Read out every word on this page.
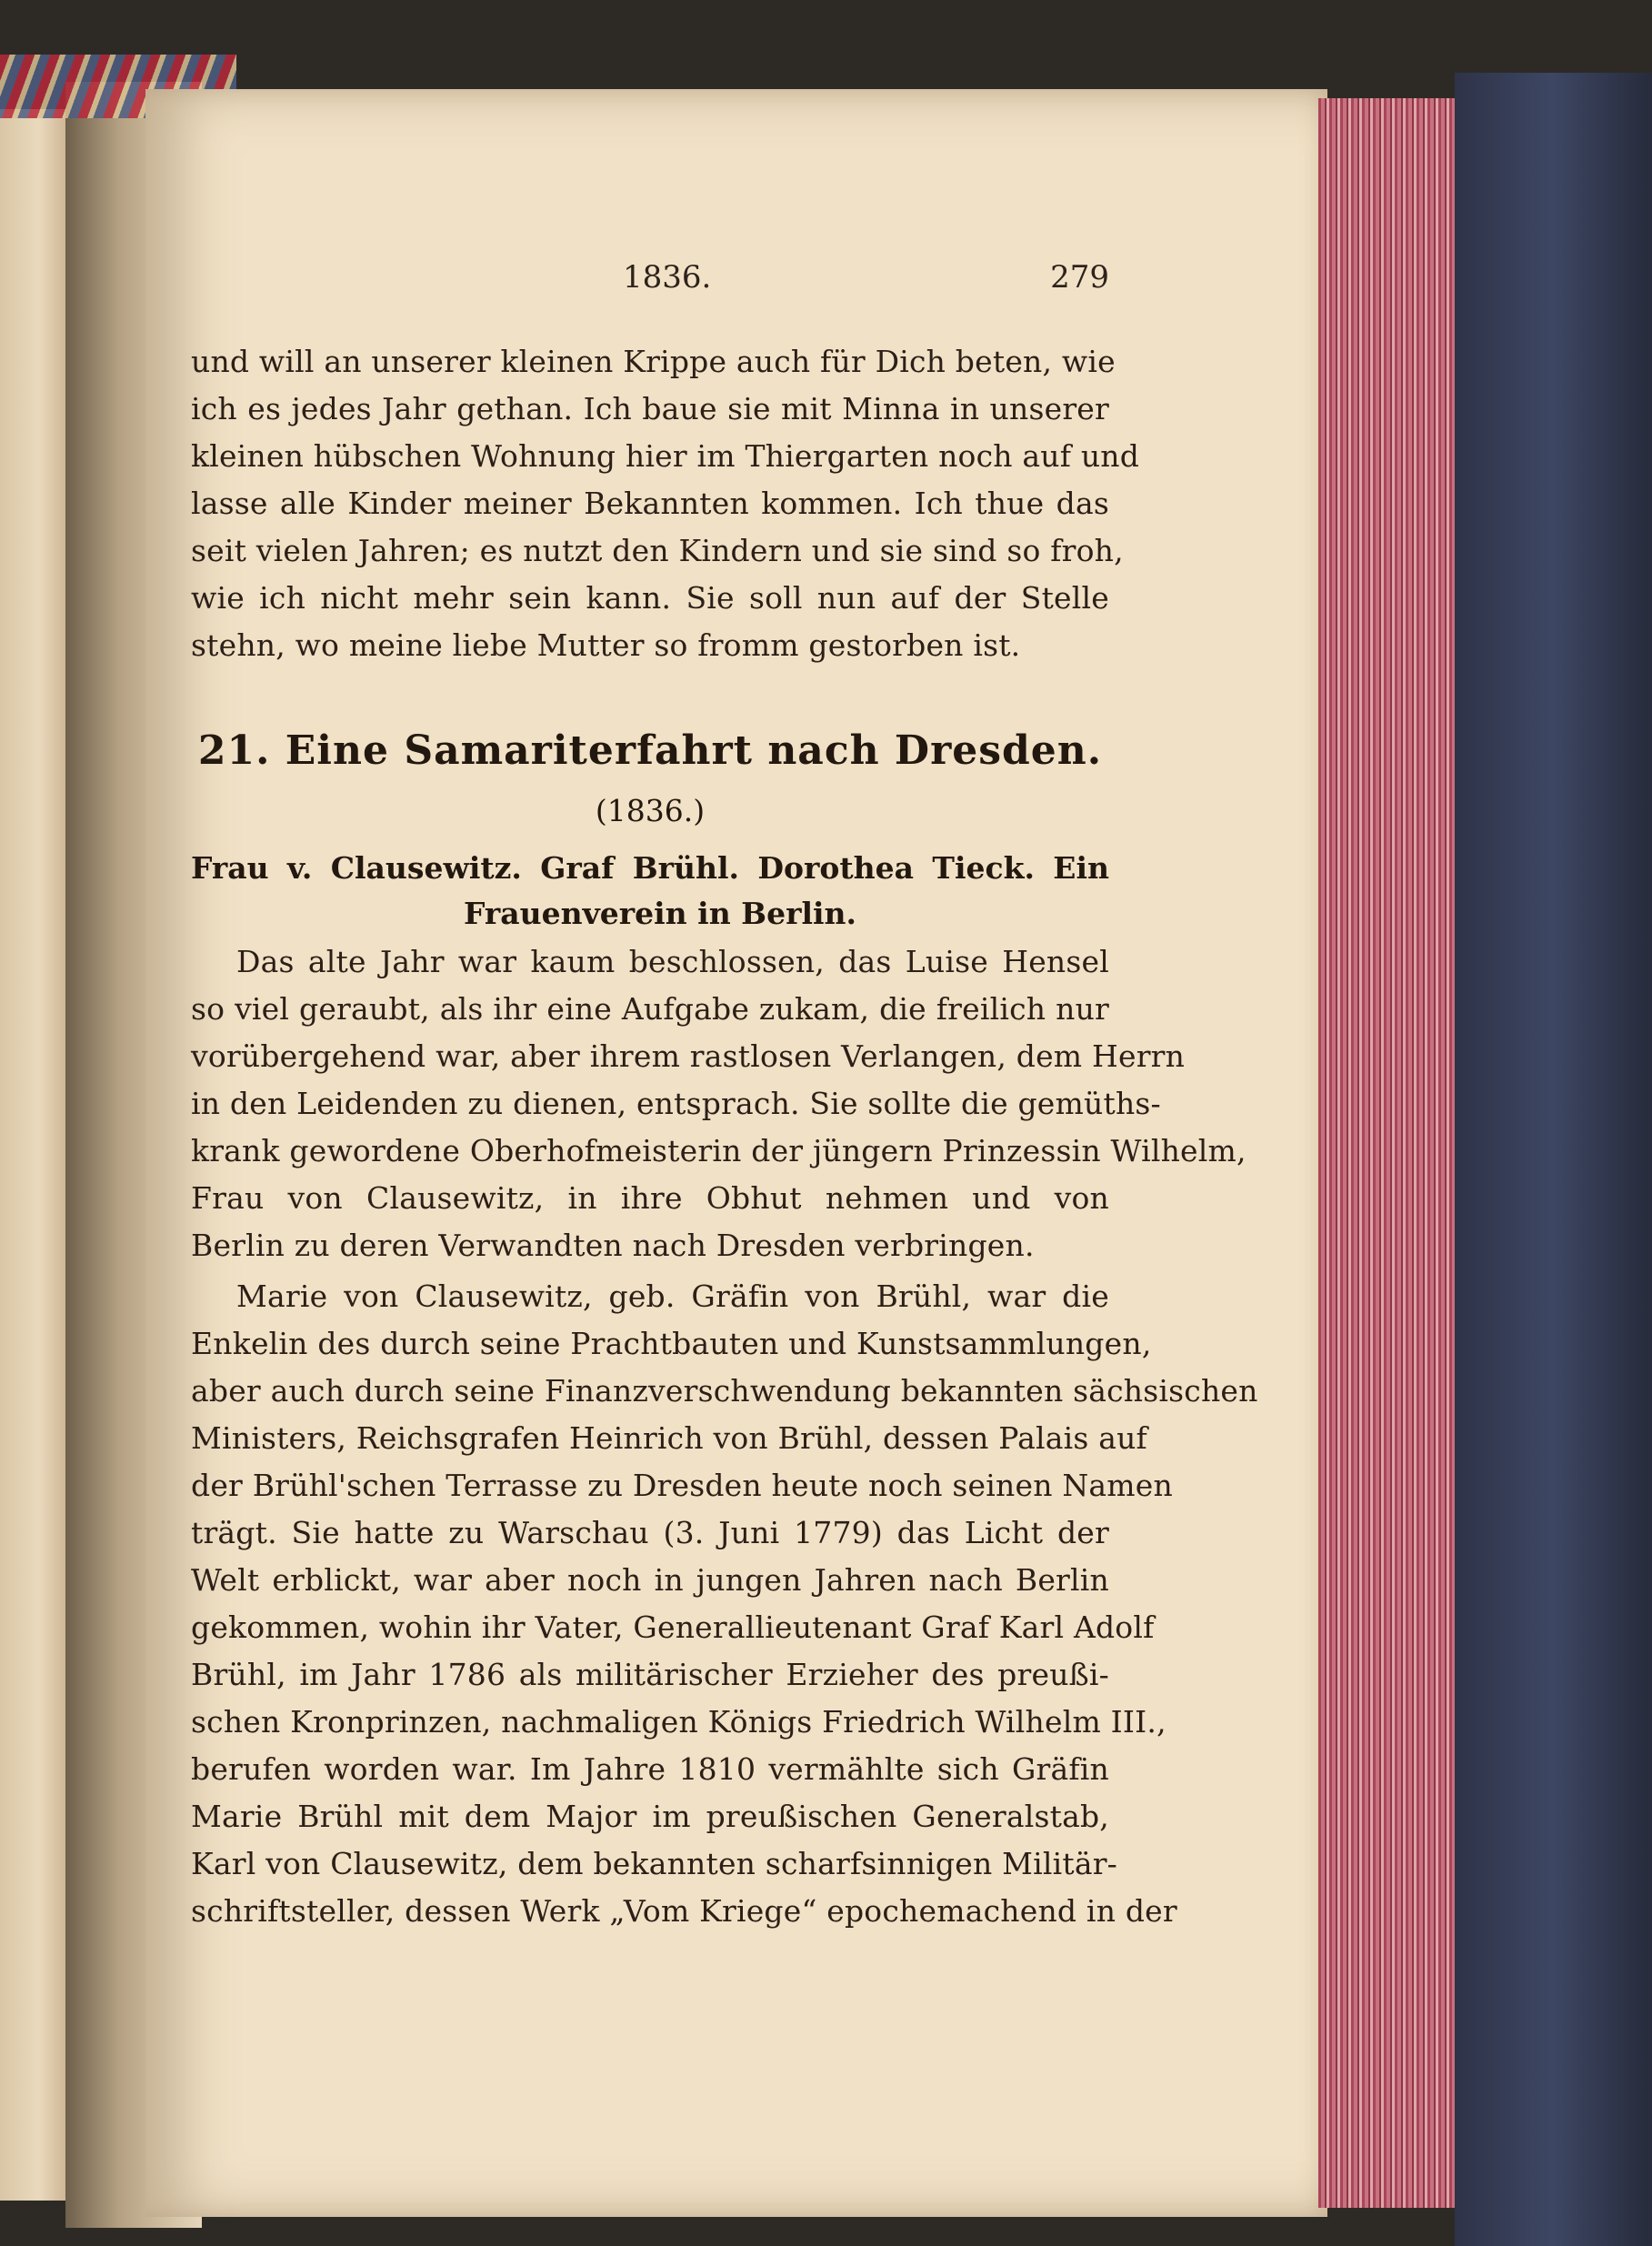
1836.	279

und will an unserer kleinen Krippe auch für Dich beten, wie

ich es jedes Jahr gethan. Ich baue sie mit Minna in unserer

kleinen hübschen Wohnung hier im Thiergarten noch auf und

lasse alle Kinder meiner Bekannten kommen. Ich thue das

seit vielen Jahren; es nutzt den Kindern und sie sind so froh,

wie ich nicht mehr sein kann. Sie soll nun auf der Stelle

stehn, wo meine liebe Mutter so fromm gestorben ist.

21. Eine Samariterfahrt nach Dresden.
(1836.)
Frau v. Clausewitz. Graf Brühl. Dorothea Tieck. Ein
Frauenverein in Berlin.

Das alte Jahr war kaum beschlossen, das Luise Hensel

so viel geraubt, als ihr eine Aufgabe zukam, die freilich nur

vorübergehend war, aber ihrem rastlosen Verlangen, dem Herrn

in den Leidenden zu dienen, entsprach. Sie sollte die gemüths-

krank gewordene Oberhofmeisterin der jüngern Prinzessin Wilhelm,

Frau von Clausewitz, in ihre Obhut nehmen und von

Berlin zu deren Verwandten nach Dresden verbringen.

Marie von Clausewitz, geb. Gräfin von Brühl, war die

Enkelin des durch seine Prachtbauten und Kunstsammlungen,

aber auch durch seine Finanzverschwendung bekannten sächsischen

Ministers, Reichsgrafen Heinrich von Brühl, dessen Palais auf

der Brühl'schen Terrasse zu Dresden heute noch seinen Namen

trägt. Sie hatte zu Warschau (3. Juni 1779) das Licht der

Welt erblickt, war aber noch in jungen Jahren nach Berlin

gekommen, wohin ihr Vater, Generallieutenant Graf Karl Adolf

Brühl, im Jahr 1786 als militärischer Erzieher des preußi-

schen Kronprinzen, nachmaligen Königs Friedrich Wilhelm III.,

berufen worden war. Im Jahre 1810 vermählte sich Gräfin

Marie Brühl mit dem Major im preußischen Generalstab,

Karl von Clausewitz, dem bekannten scharfsinnigen Militär-

schriftsteller, dessen Werk „Vom Kriege“ epochemachend in der
